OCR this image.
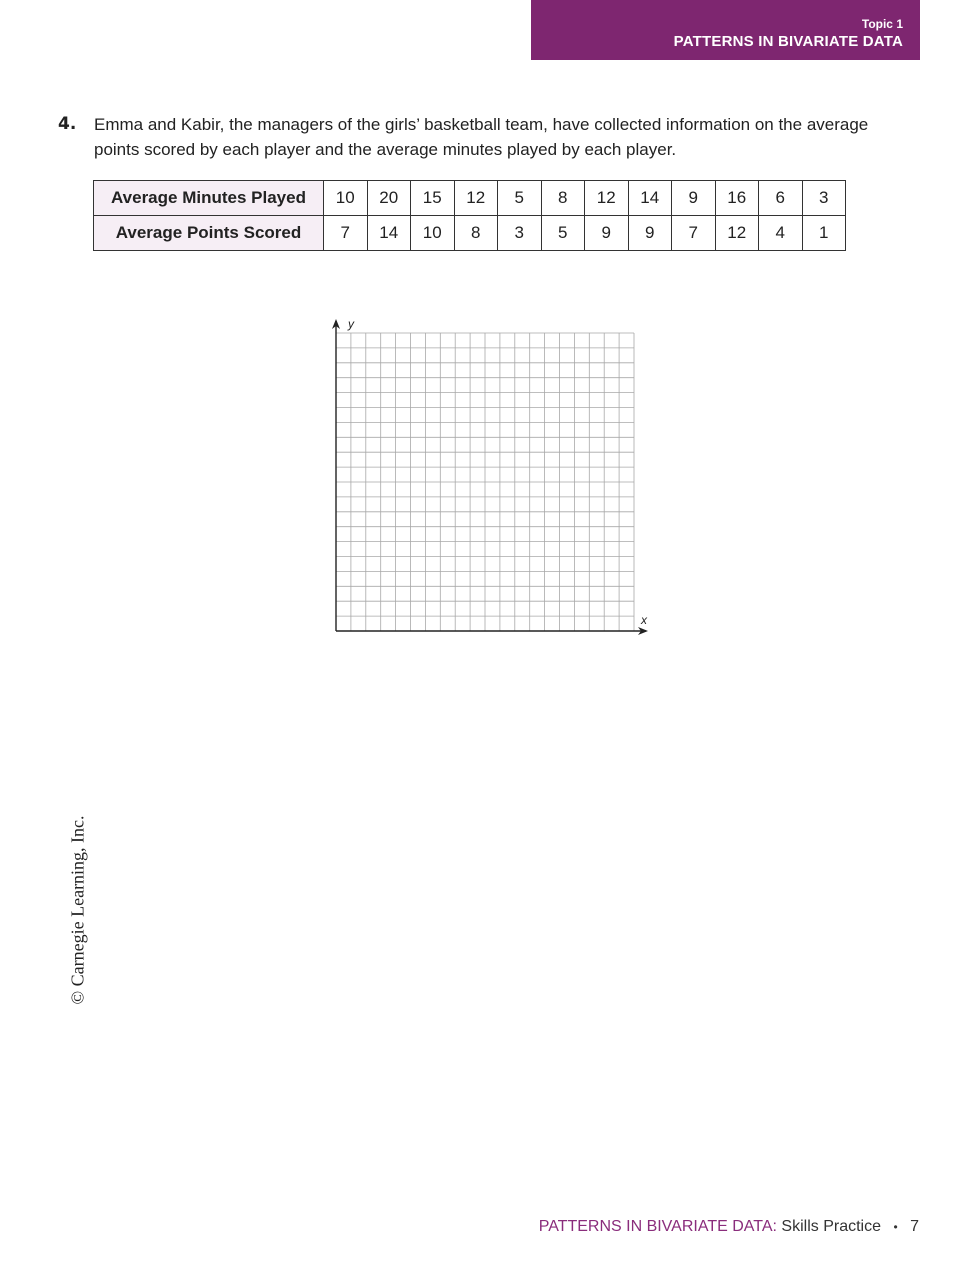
Topic 1
PATTERNS IN BIVARIATE DATA
4. Emma and Kabir, the managers of the girls’ basketball team, have collected information on the average points scored by each player and the average minutes played by each player.
Average Minutes Played	10	20	15	12	5	8	12	14	9	16	6	3
Average Points Scored	7	14	10	8	3	5	9	9	7	12	4	1
x
y
© Carnegie Learning, Inc.
PATTERNS IN BIVARIATE DATA: Skills Practice • 7
